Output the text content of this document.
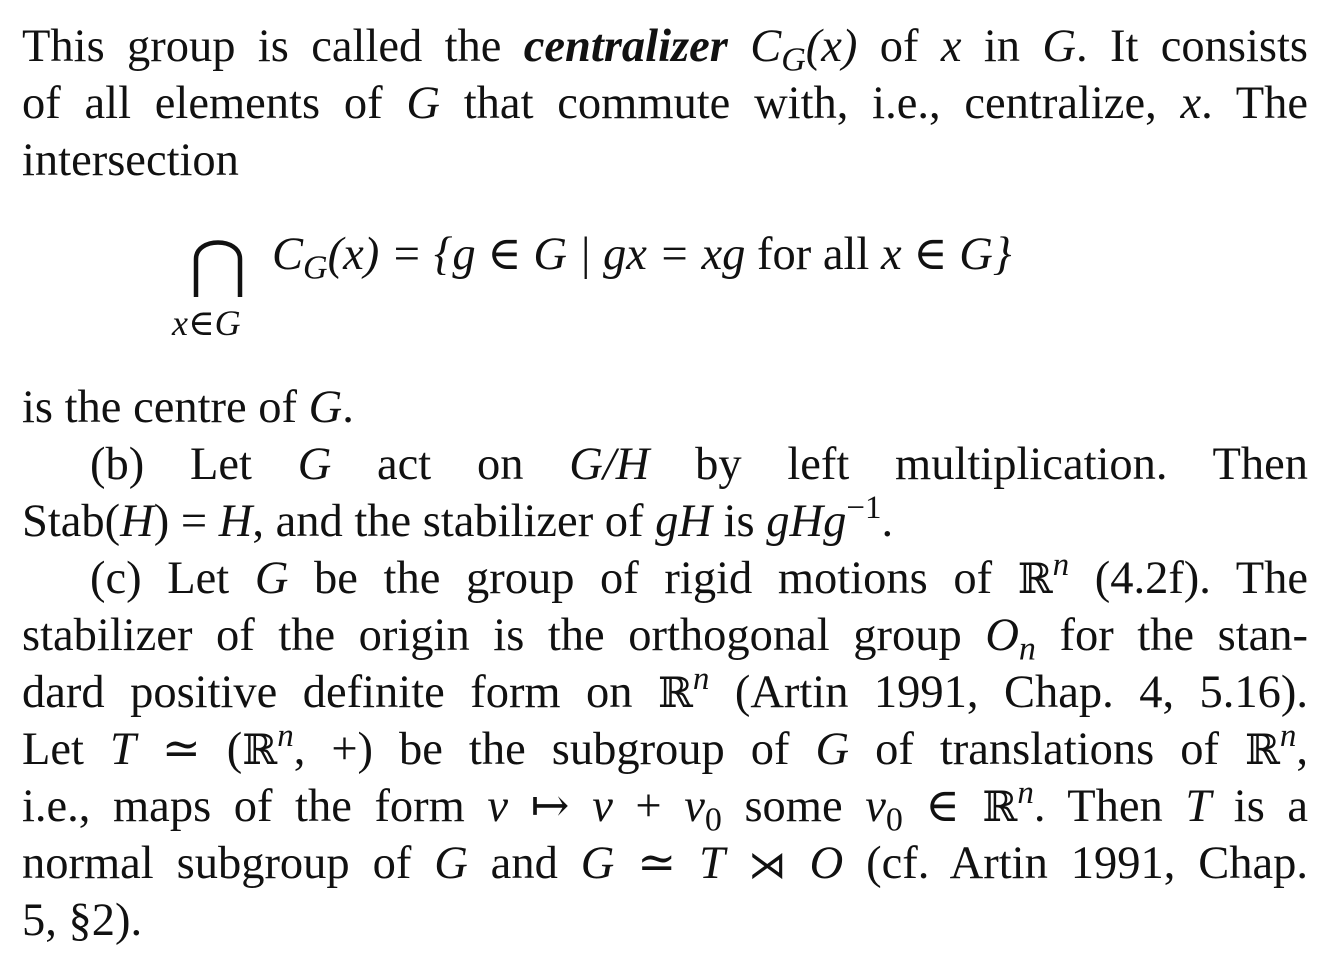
This group is called the centralizer $C_G(x)$ of x in G. It consists
of all elements of G that commute with, i.e., centralize, x. The
intersection
$C_G(x) = \{g$ ∈ G | gx = xg for all x ∈ G}
x∈G
is the centre of G.
(b) Let G act on G/H by left multiplication. Then
Stab(H) = H, and the stabilizer of gH is gHg$^{-1}$.
(c) Let G be the group of rigid motions of ℝ$^n$ (4.2f). The
stabilizer of the origin is the orthogonal group $O_n$ for the stan-
dard positive definite form on ℝ$^n$ (Artin 1991, Chap. 4, 5.16).
Let T ≃ (ℝ$^n$, +) be the subgroup of G of translations of ℝ$^n$,
i.e., maps of the form v ↦ $v + v_0$ some $v_0$ ∈ ℝ$^n$. Then T is a
normal subgroup of G and G ≃ T ⋊ O (cf. Artin 1991, Chap.
5, §2).
